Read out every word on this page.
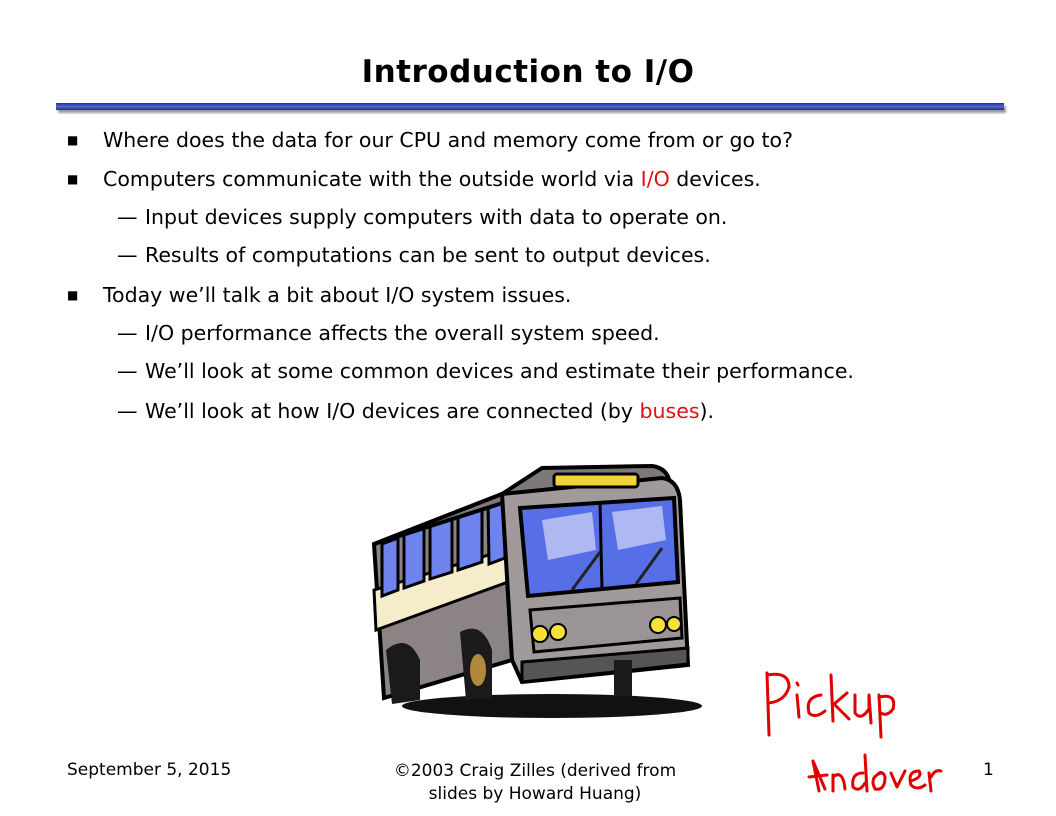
Introduction to I/O
■ Where does the data for our CPU and memory come from or go to?
■ Computers communicate with the outside world via I/O devices.
— Input devices supply computers with data to operate on.
— Results of computations can be sent to output devices.
■ Today we’ll talk a bit about I/O system issues.
— I/O performance affects the overall system speed.
— We’ll look at some common devices and estimate their performance.
— We’ll look at how I/O devices are connected (by buses).
September 5, 2015	©2003 Craig Zilles (derived from
slides by Howard Huang)
1
